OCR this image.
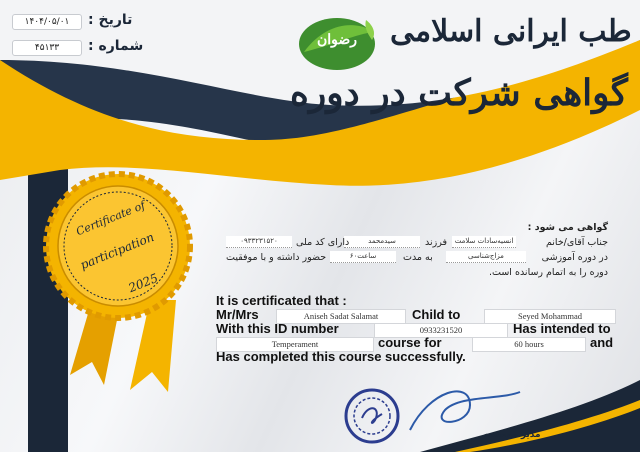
تاریخ :
۱۴۰۴/۰۵/۰۱
شماره :
۴۵۱۳۳	رضوان	طب ایرانی اسلامی
گواهی شرکت در دوره
Certificate of
participation
2025
گواهی می شود :
جناب آقای/خانم
انسیه‌سادات سلامت
فرزند
سیدمحمد
دارای کد ملی
۰۹۳۳۲۳۱۵۲۰
در دوره آموزشی
مزاج‌شناسی
به مدت
۶۰ساعت
حضور داشته و با موفقیت
دوره را به اتمام رسانده است.
It is certificated that :
Mr/Mrs	Aniseh Sadat Salamat	Child to	Seyed Mohammad
With this ID number	0933231520	Has intended to
Temperament	course for	60 hours	and
Has completed this course successfully.
مدیر موسسه
